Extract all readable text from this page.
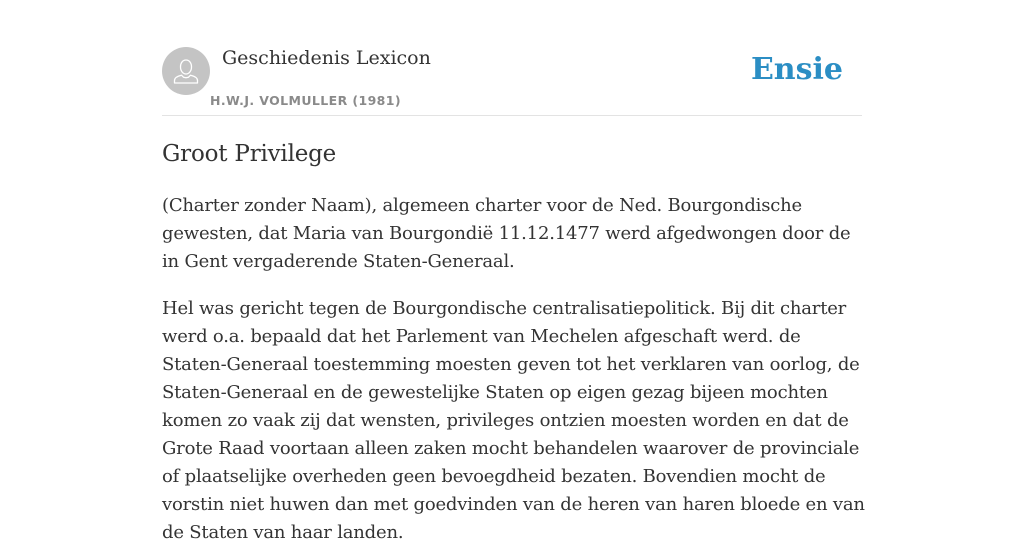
Geschiedenis Lexicon
H.W.J. VOLMULLER (1981)
Ensie
Groot Privilege

(Charter zonder Naam), algemeen charter voor de Ned. Bourgondische gewesten, dat Maria van Bourgondië 11.12.1477 werd afgedwongen door de in Gent vergaderende Staten-Generaal.

Hel was gericht tegen de Bourgondische centralisatiepolitick. Bij dit charter werd o.a. bepaald dat het Parlement van Mechelen afgeschaft werd. de Staten-Generaal toestemming moesten geven tot het verklaren van oorlog, de Staten-Generaal en de gewestelijke Staten op eigen gezag bijeen mochten komen zo vaak zij dat wensten, privileges ontzien moesten worden en dat de Grote Raad voortaan alleen zaken mocht behandelen waarover de provinciale of plaatselijke overheden geen bevoegdheid bezaten. Bovendien mocht de vorstin niet huwen dan met goedvinden van de heren van haren bloede en van de Staten van haar landen.
